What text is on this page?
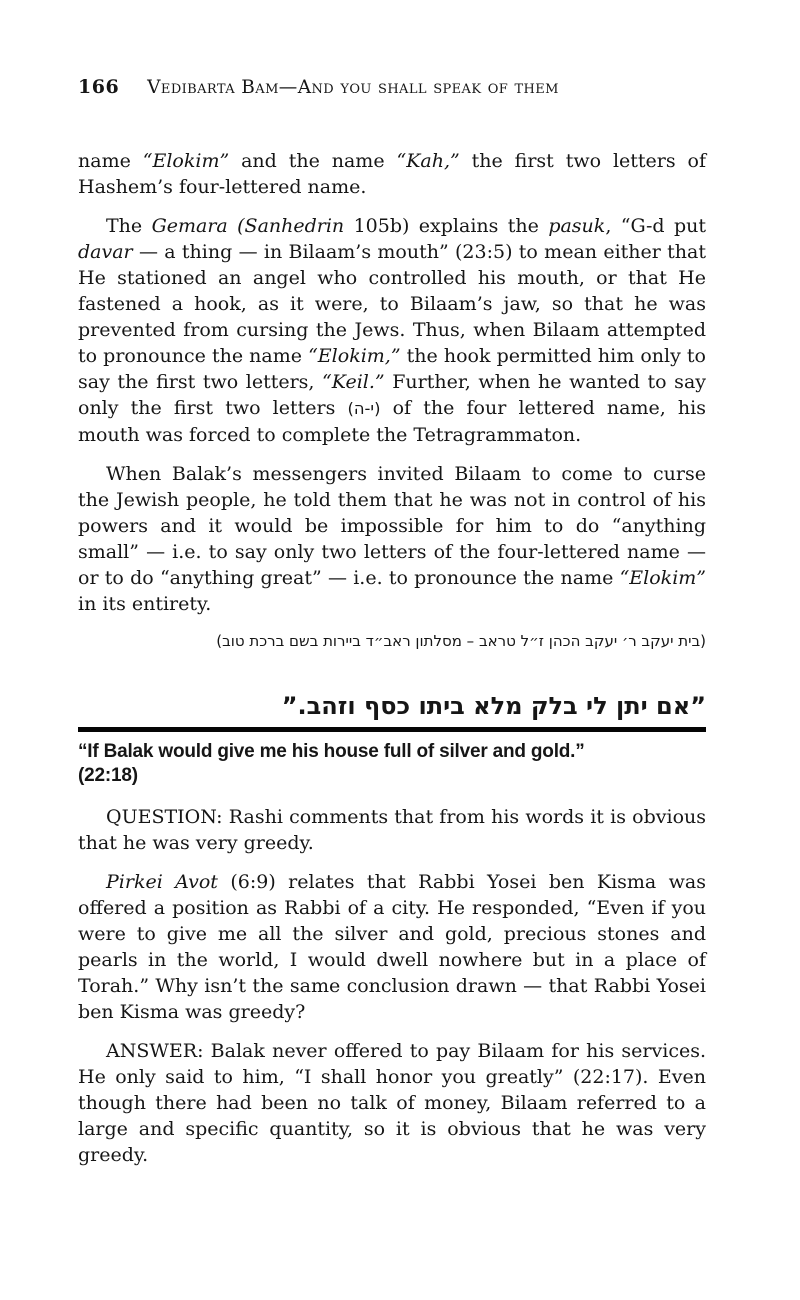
166 Vedibarta Bam—And you shall speak of them

name “Elokim” and the name “Kah,” the first two letters of Hashem’s four-lettered name.

The Gemara (Sanhedrin 105b) explains the pasuk, “G-d put davar — a thing — in Bilaam’s mouth” (23:5) to mean either that He stationed an angel who controlled his mouth, or that He fastened a hook, as it were, to Bilaam’s jaw, so that he was prevented from cursing the Jews. Thus, when Bilaam attempted to pronounce the name “Elokim,” the hook permitted him only to say the first two letters, “Keil.” Further, when he wanted to say only the first two letters (י-ה) of the four lettered name, his mouth was forced to complete the Tetragrammaton.

When Balak’s messengers invited Bilaam to come to curse the Jewish people, he told them that he was not in control of his powers and it would be impossible for him to do “anything small” — i.e. to say only two letters of the four-lettered name — or to do “anything great” — i.e. to pronounce the name “Elokim” in its entirety.

(בית יעקב ר׳ יעקב הכהן ז״ל טראב – מסלתון ראב״ד ביירות בשם ברכת טוב)

”אם יתן לי בלק מלא ביתו כסף וזהב.”
“If Balak would give me his house full of silver and gold.”
(22:18)

QUESTION: Rashi comments that from his words it is obvious that he was very greedy.

Pirkei Avot (6:9) relates that Rabbi Yosei ben Kisma was offered a position as Rabbi of a city. He responded, “Even if you were to give me all the silver and gold, precious stones and pearls in the world, I would dwell nowhere but in a place of Torah.” Why isn’t the same conclusion drawn — that Rabbi Yosei ben Kisma was greedy?

ANSWER: Balak never offered to pay Bilaam for his services. He only said to him, “I shall honor you greatly” (22:17). Even though there had been no talk of money, Bilaam referred to a large and specific quantity, so it is obvious that he was very greedy.
